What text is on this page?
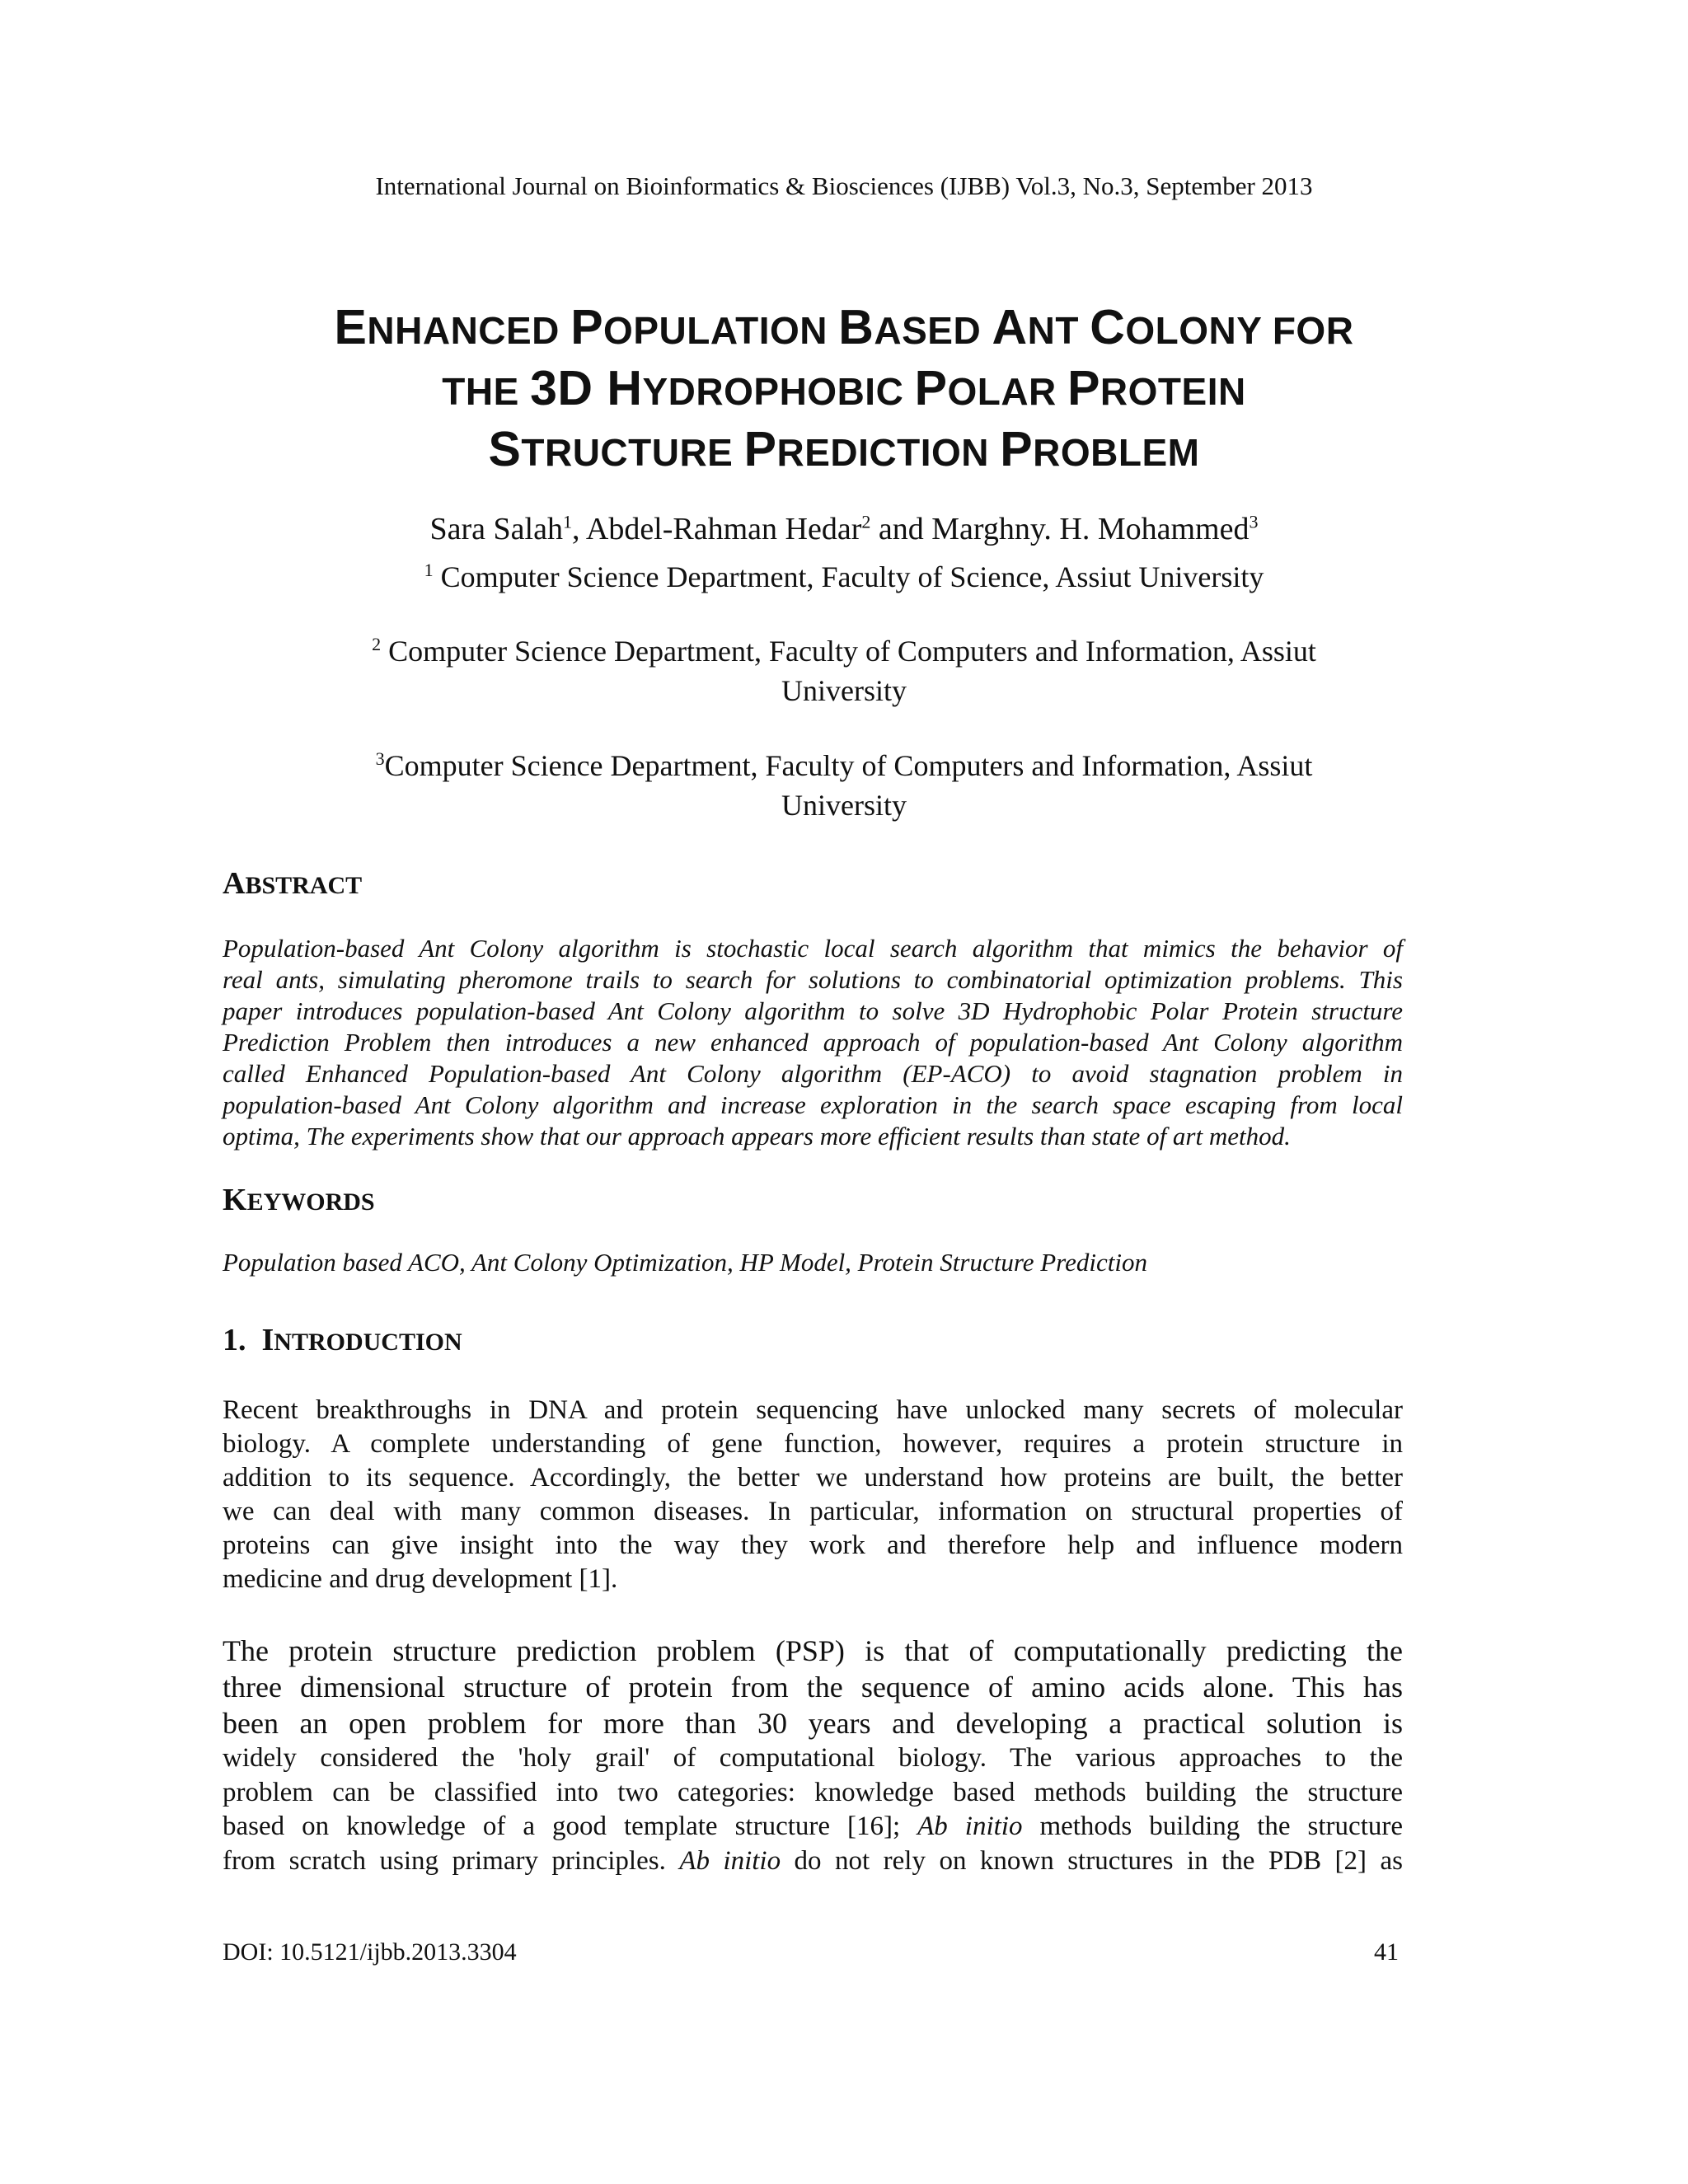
International Journal on Bioinformatics & Biosciences (IJBB) Vol.3, No.3, September 2013
ENHANCED POPULATION BASED ANT COLONY FOR
THE 3D HYDROPHOBIC POLAR PROTEIN
STRUCTURE PREDICTION PROBLEM
Sara Salah$^1$, Abdel-Rahman Hedar$^2$ and Marghny. H. Mohammed$^3$
$^1$ Computer Science Department, Faculty of Science, Assiut University
$^2$ Computer Science Department, Faculty of Computers and Information, Assiut
University
$^3$Computer Science Department, Faculty of Computers and Information, Assiut
University
ABSTRACT
Population-based Ant Colony algorithm is stochastic local search algorithm that mimics the behavior of
real ants, simulating pheromone trails to search for solutions to combinatorial optimization problems. This
paper introduces population-based Ant Colony algorithm to solve 3D Hydrophobic Polar Protein structure
Prediction Problem then introduces a new enhanced approach of population-based Ant Colony algorithm
called Enhanced Population-based Ant Colony algorithm (EP-ACO) to avoid stagnation problem in
population-based Ant Colony algorithm and increase exploration in the search space escaping from local
optima, The experiments show that our approach appears more efficient results than state of art method.
KEYWORDS
Population based ACO, Ant Colony Optimization, HP Model, Protein Structure Prediction
1. INTRODUCTION
Recent breakthroughs in DNA and protein sequencing have unlocked many secrets of molecular
biology. A complete understanding of gene function, however, requires a protein structure in
addition to its sequence. Accordingly, the better we understand how proteins are built, the better
we can deal with many common diseases. In particular, information on structural properties of
proteins can give insight into the way they work and therefore help and influence modern
medicine and drug development [1].
The protein structure prediction problem (PSP) is that of computationally predicting the
three dimensional structure of protein from the sequence of amino acids alone. This has
been an open problem for more than 30 years and developing a practical solution is
widely considered the 'holy grail' of computational biology. The various approaches to the
problem can be classified into two categories: knowledge based methods building the structure
based on knowledge of a good template structure [16]; Ab initio methods building the structure
from scratch using primary principles. Ab initio do not rely on known structures in the PDB [2] as
DOI: 10.5121/ijbb.2013.3304	41
